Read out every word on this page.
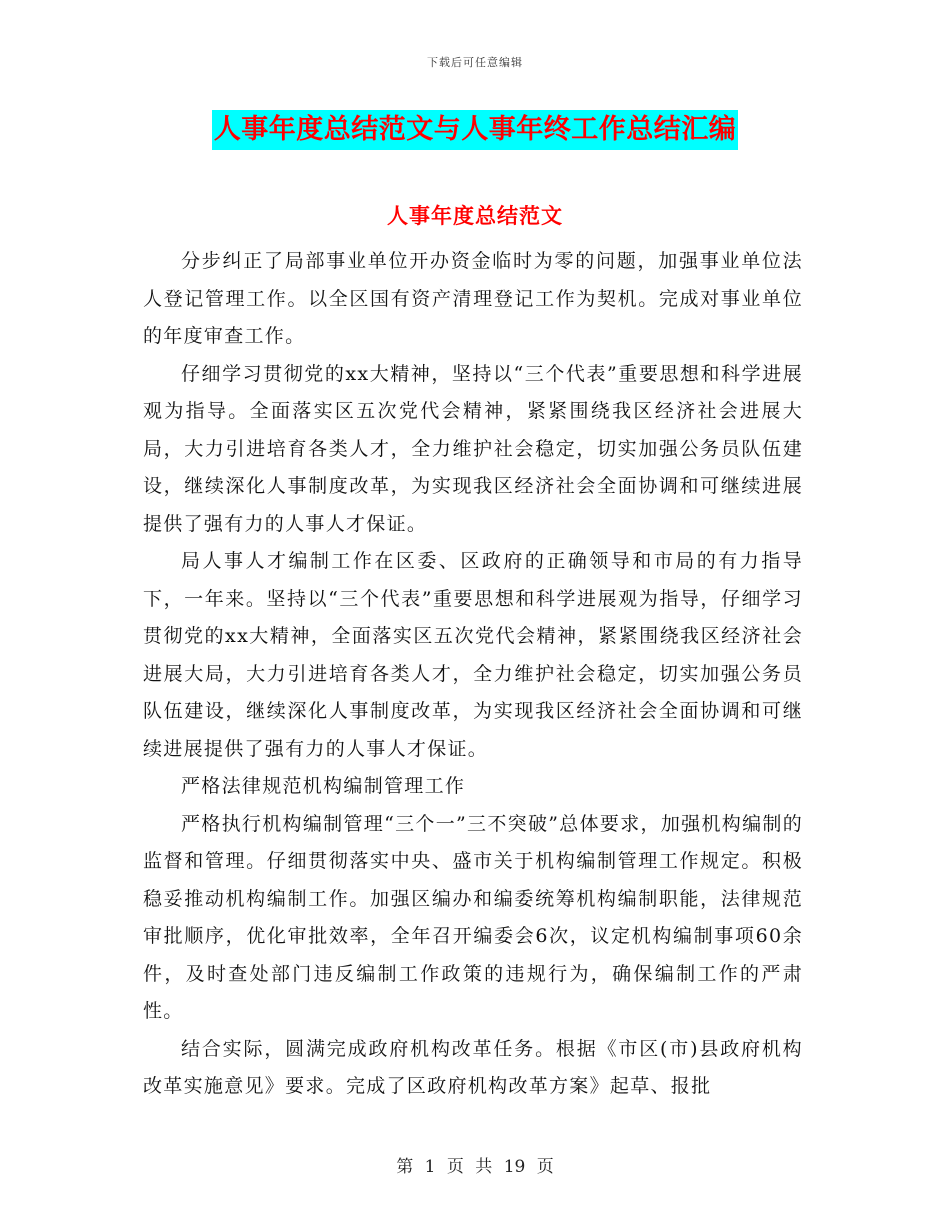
下载后可任意编辑
人事年度总结范文与人事年终工作总结汇编
人事年度总结范文

分步纠正了局部事业单位开办资金临时为零的问题，加强事业单位法人登记管理工作。以全区国有资产清理登记工作为契机。完成对事业单位的年度审查工作。

仔细学习贯彻党的xx大精神，坚持以“三个代表”重要思想和科学进展观为指导。全面落实区五次党代会精神，紧紧围绕我区经济社会进展大局，大力引进培育各类人才，全力维护社会稳定，切实加强公务员队伍建设，继续深化人事制度改革，为实现我区经济社会全面协调和可继续进展提供了强有力的人事人才保证。

局人事人才编制工作在区委、区政府的正确领导和市局的有力指导下，一年来。坚持以“三个代表”重要思想和科学进展观为指导，仔细学习贯彻党的xx大精神，全面落实区五次党代会精神，紧紧围绕我区经济社会进展大局，大力引进培育各类人才，全力维护社会稳定，切实加强公务员队伍建设，继续深化人事制度改革，为实现我区经济社会全面协调和可继续进展提供了强有力的人事人才保证。

严格法律规范机构编制管理工作

严格执行机构编制管理“三个一”三不突破”总体要求，加强机构编制的监督和管理。仔细贯彻落实中央、盛市关于机构编制管理工作规定。积极稳妥推动机构编制工作。加强区编办和编委统筹机构编制职能，法律规范审批顺序，优化审批效率，全年召开编委会6次，议定机构编制事项60余件，及时查处部门违反编制工作政策的违规行为，确保编制工作的严肃性。

结合实际，圆满完成政府机构改革任务。根据《市区(市)县政府机构改革实施意见》要求。完成了区政府机构改革方案》起草、报批

第 1 页 共 19 页
